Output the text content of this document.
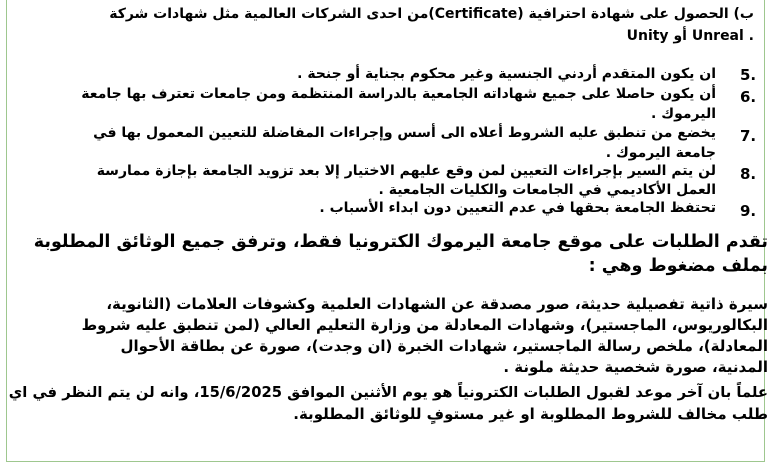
ب) الحصول على شهادة احترافية (Certificate)من احدى الشركات العالمية مثل شهادات شركة
Unity أو Unreal .
5.
ان يكون المتقدم أردني الجنسية وغير محكوم بجناية أو جنحة .
6.
أن يكون حاصلا على جميع شهاداته الجامعية بالدراسة المنتظمة ومن جامعات تعترف بها جامعة
اليرموك .
7.
يخضع من تنطبق عليه الشروط أعلاه الى أسس وإجراءات المفاضلة للتعيين المعمول بها في
جامعة اليرموك .
8.
لن يتم السير بإجراءات التعيين لمن وقع عليهم الاختيار إلا بعد تزويد الجامعة بإجازة ممارسة
العمل الأكاديمي في الجامعات والكليات الجامعية .
9.
تحتفظ الجامعة بحقها في عدم التعيين دون ابداء الأسباب .
تقدم الطلبات على موقع جامعة اليرموك الكترونيا فقط، وترفق جميع الوثائق المطلوبة
بملف مضغوط وهي :
سيرة ذاتية تفصيلية حديثة، صور مصدقة عن الشهادات العلمية وكشوفات العلامات (الثانوية،
البكالوريوس، الماجستير)، وشهادات المعادلة من وزارة التعليم العالي (لمن تنطبق عليه شروط
المعادلة)، ملخص رسالة الماجستير، شهادات الخبرة (ان وجدت)، صورة عن بطاقة الأحوال
المدنية، صورة شخصية حديثة ملونة .
علماً بان آخر موعد لقبول الطلبات الكترونياً هو يوم الأثنين الموافق 15/6/2025، وانه لن يتم النظر في اي
طلب مخالف للشروط المطلوبة او غير مستوفٍ للوثائق المطلوبة.
